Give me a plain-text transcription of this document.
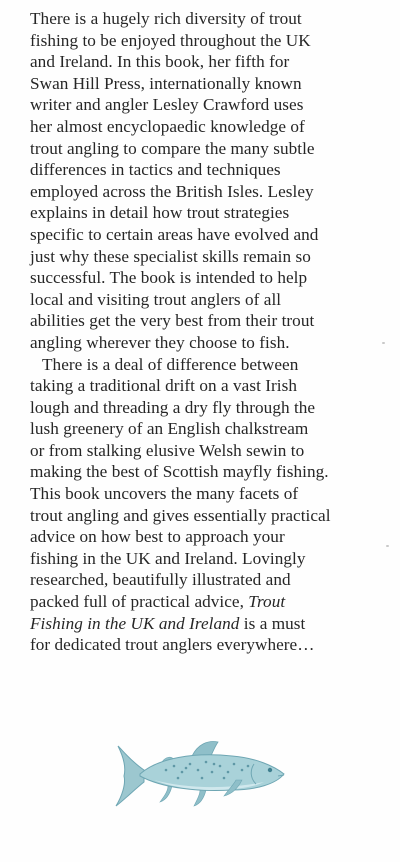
There is a hugely rich diversity of trout
fishing to be enjoyed throughout the UK
and Ireland. In this book, her fifth for
Swan Hill Press, internationally known
writer and angler Lesley Crawford uses
her almost encyclopaedic knowledge of
trout angling to compare the many subtle
differences in tactics and techniques
employed across the British Isles. Lesley
explains in detail how trout strategies
specific to certain areas have evolved and
just why these specialist skills remain so
successful. The book is intended to help
local and visiting trout anglers of all
abilities get the very best from their trout
angling wherever they choose to fish.
There is a deal of difference between
taking a traditional drift on a vast Irish
lough and threading a dry fly through the
lush greenery of an English chalkstream
or from stalking elusive Welsh sewin to
making the best of Scottish mayfly fishing.
This book uncovers the many facets of
trout angling and gives essentially practical
advice on how best to approach your
fishing in the UK and Ireland. Lovingly
researched, beautifully illustrated and
packed full of practical advice, Trout
Fishing in the UK and Ireland is a must
for dedicated trout anglers everywhere…
